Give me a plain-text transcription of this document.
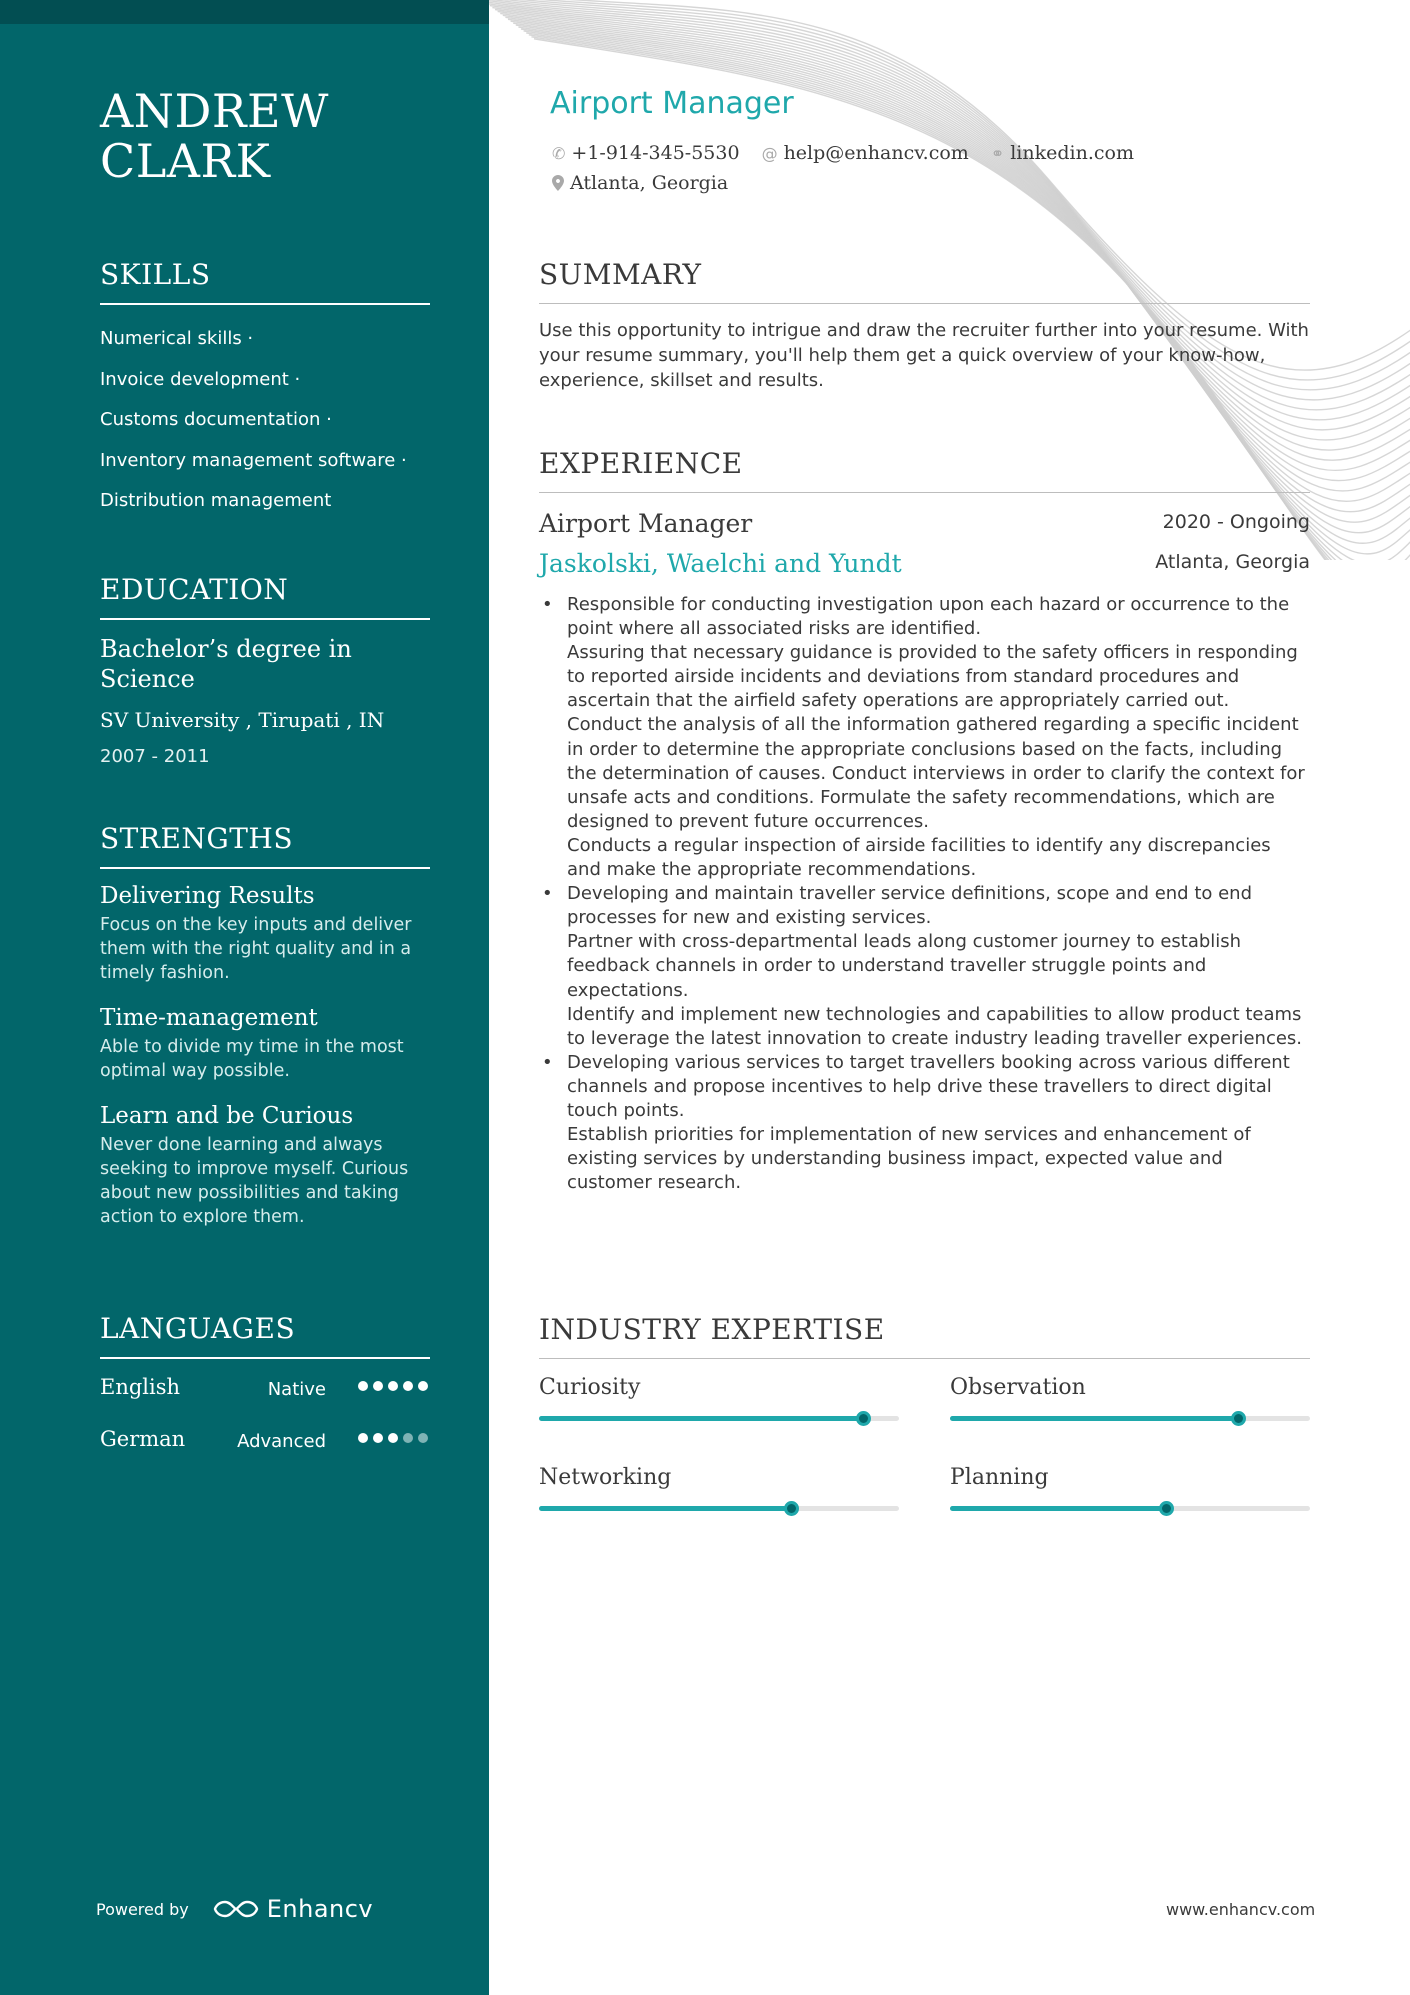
ANDREW
CLARK
SKILLS
Numerical skills ·
Invoice development ·
Customs documentation ·
Inventory management software ·
Distribution management
EDUCATION
Bachelor’s degree in Science
SV University , Tirupati , IN
2007 - 2011
STRENGTHS
Delivering Results
Focus on the key inputs and deliver them with the right quality and in a timely fashion.
Time-management
Able to divide my time in the most optimal way possible.
Learn and be Curious
Never done learning and always seeking to improve myself. Curious about new possibilities and taking action to explore them.
LANGUAGES
English	Native
German	Advanced
Powered by	Enhancv
Airport Manager
✆ +1-914-345-5530 @ help@enhancv.com ⚭ linkedin.com
Atlanta, Georgia
SUMMARY

Use this opportunity to intrigue and draw the recruiter further into your resume. With your resume summary, you'll help them get a quick overview of your know-how, experience, skillset and results.

EXPERIENCE
Airport Manager	2020 - Ongoing
Jaskolski, Waelchi and Yundt	Atlanta, Georgia
• Responsible for conducting investigation upon each hazard or occurrence to the point where all associated risks are identified.
Assuring that necessary guidance is provided to the safety officers in responding to reported airside incidents and deviations from standard procedures and ascertain that the airfield safety operations are appropriately carried out.
Conduct the analysis of all the information gathered regarding a specific incident in order to determine the appropriate conclusions based on the facts, including the determination of causes. Conduct interviews in order to clarify the context for unsafe acts and conditions. Formulate the safety recommendations, which are designed to prevent future occurrences.
Conducts a regular inspection of airside facilities to identify any discrepancies and make the appropriate recommendations.
• Developing and maintain traveller service definitions, scope and end to end processes for new and existing services.
Partner with cross-departmental leads along customer journey to establish feedback channels in order to understand traveller struggle points and expectations.
Identify and implement new technologies and capabilities to allow product teams to leverage the latest innovation to create industry leading traveller experiences.
• Developing various services to target travellers booking across various different channels and propose incentives to help drive these travellers to direct digital touch points.
Establish priorities for implementation of new services and enhancement of existing services by understanding business impact, expected value and customer research.
INDUSTRY EXPERTISE
Curiosity	Observation
Networking	Planning
www.enhancv.com
